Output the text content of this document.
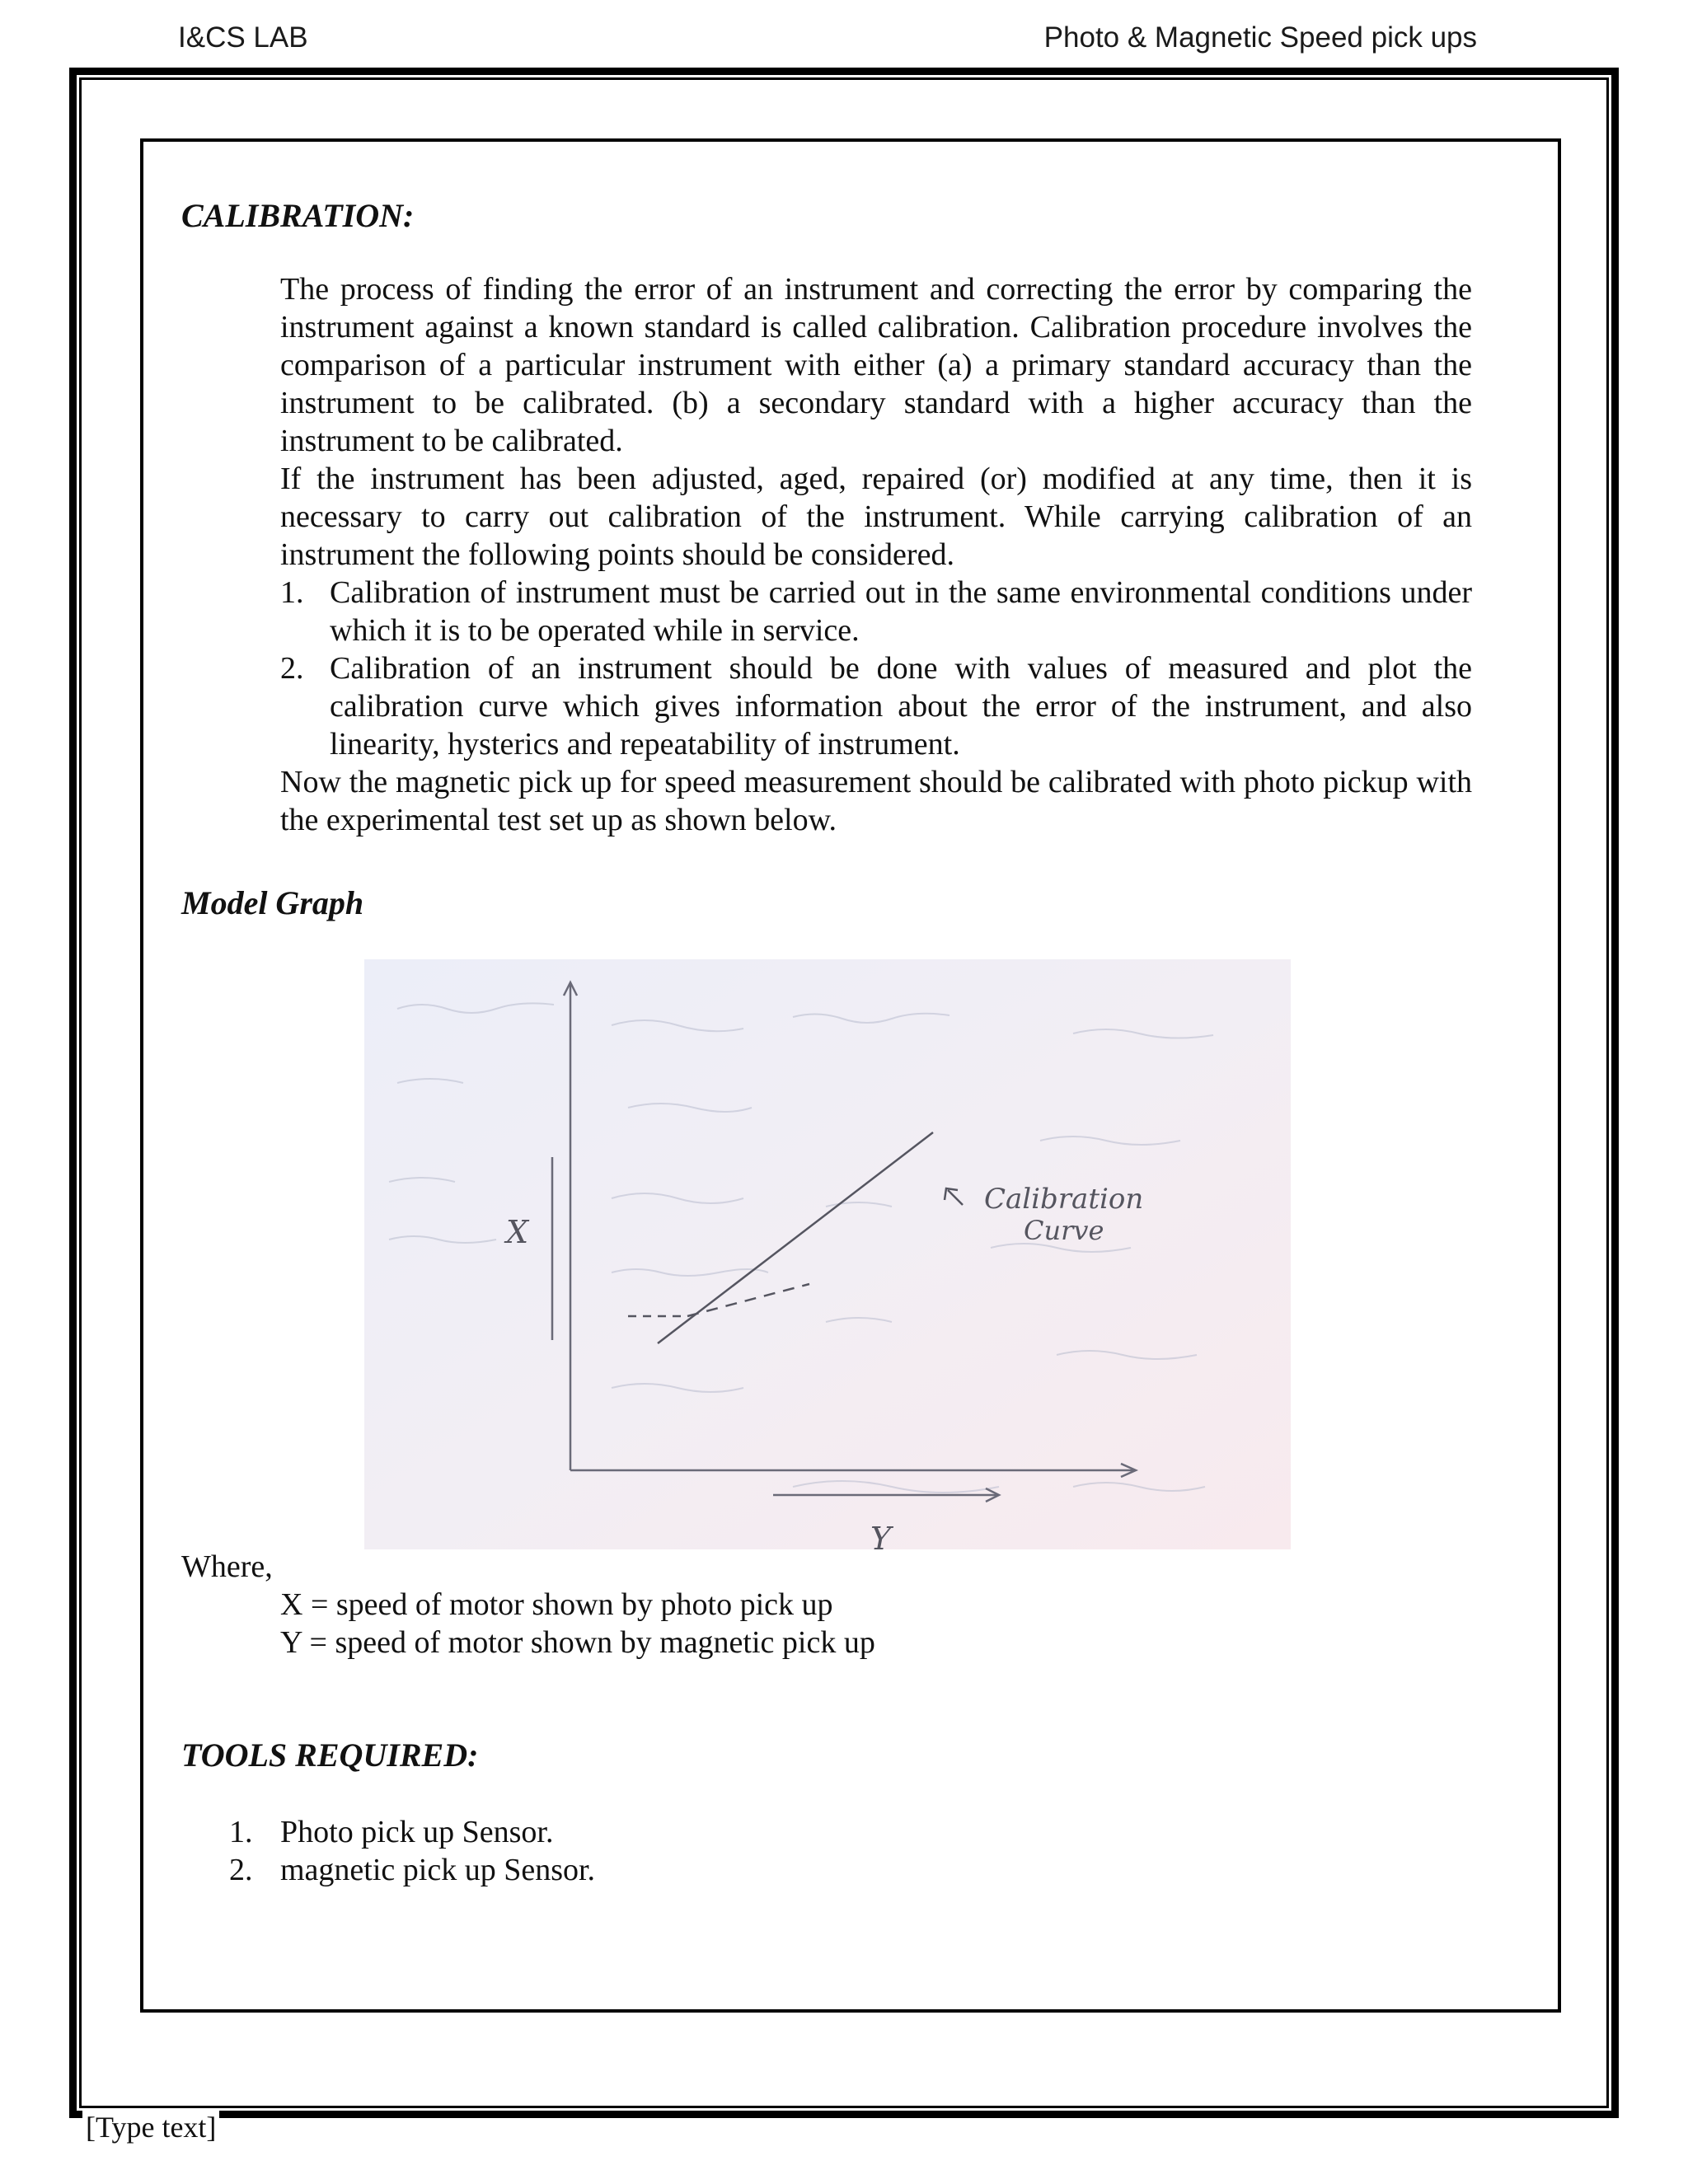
I&CS LAB	Photo & Magnetic Speed pick ups
CALIBRATION:
The process of finding the error of an instrument and correcting the error by comparing the instrument against a known standard is called calibration. Calibration procedure involves the comparison of a particular instrument with either (a) a primary standard accuracy than the instrument to be calibrated. (b) a secondary standard with a higher accuracy than the instrument to be calibrated.
If the instrument has been adjusted, aged, repaired (or) modified at any time, then it is necessary to carry out calibration of the instrument. While carrying calibration of an instrument the following points should be considered.
1. Calibration of instrument must be carried out in the same environmental conditions under which it is to be operated while in service.
2. Calibration of an instrument should be done with values of measured and plot the calibration curve which gives information about the error of the instrument, and also linearity, hysterics and repeatability of instrument.
Now the magnetic pick up for speed measurement should be calibrated with photo pickup with the experimental test set up as shown below.
Model Graph
X
Y
Calibration
Curve
Where,
X = speed of motor shown by photo pick up
Y = speed of motor shown by magnetic pick up
TOOLS REQUIRED:
1. Photo pick up Sensor.
2. magnetic pick up Sensor.
[Type text]
